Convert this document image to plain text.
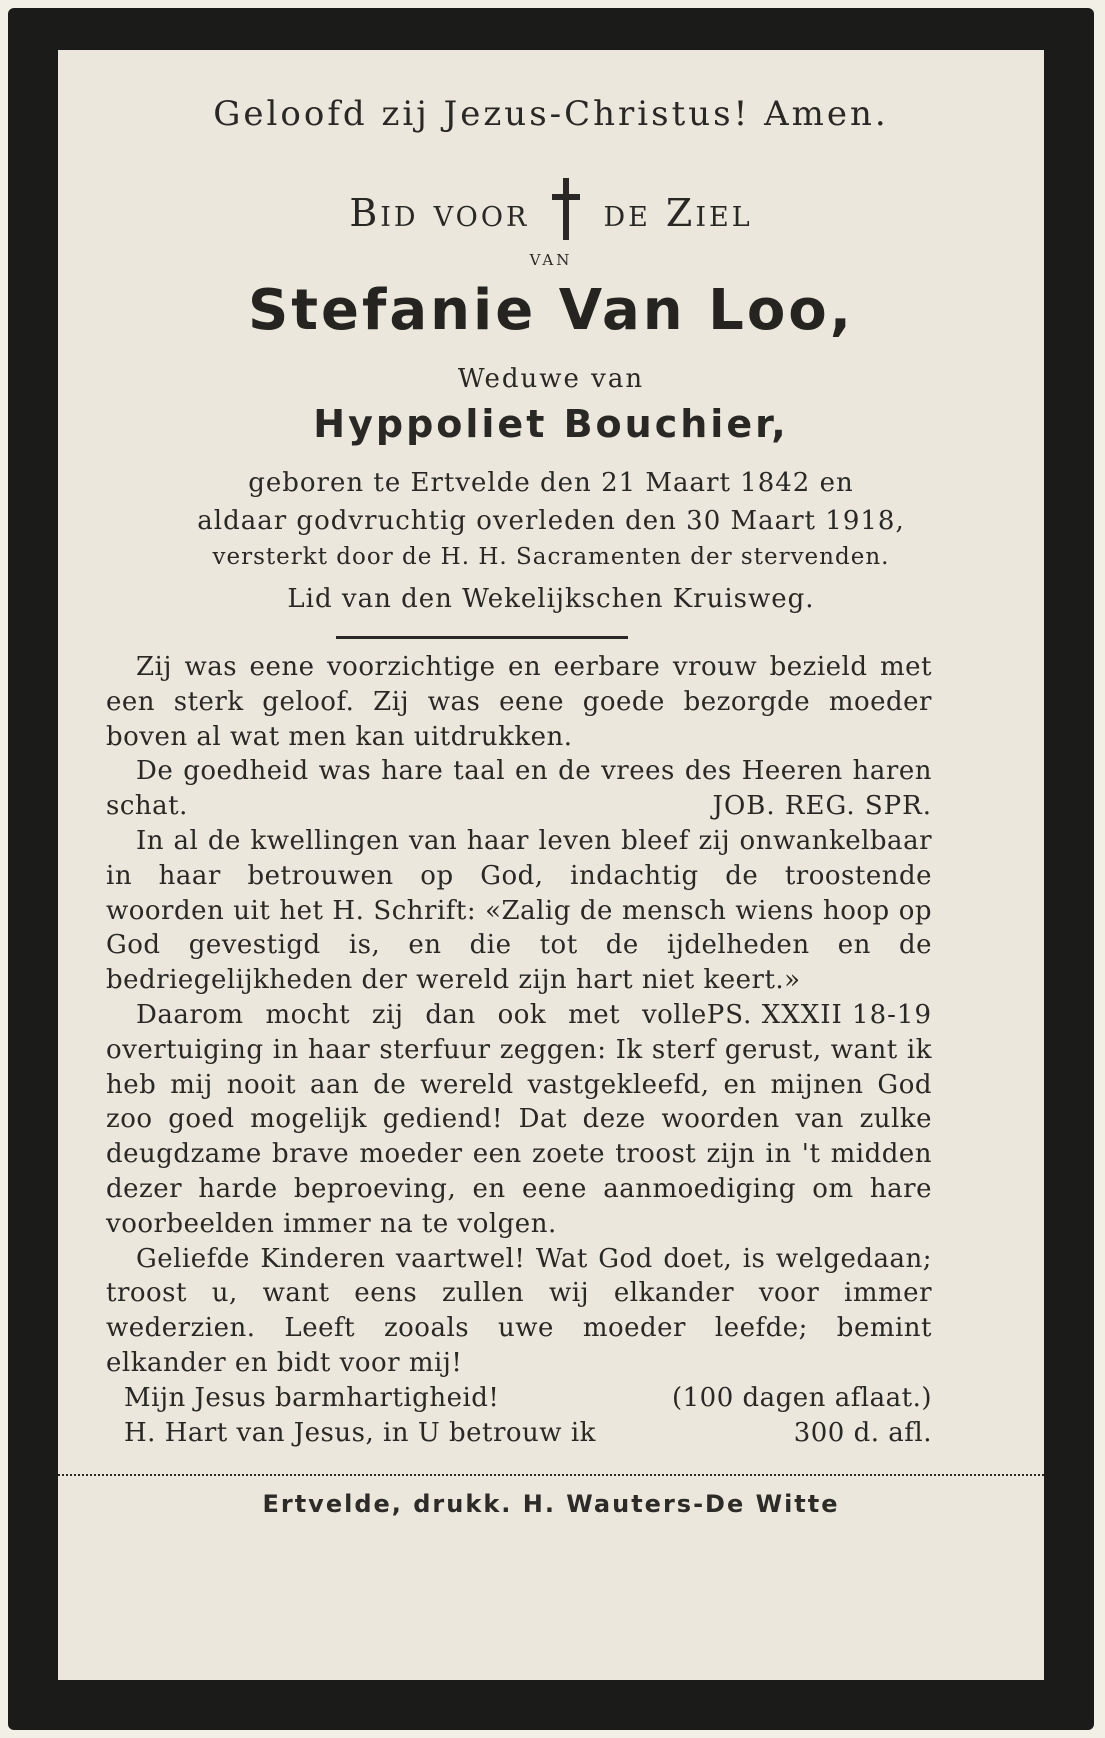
Geloofd zij Jezus-Christus! Amen.
Bid voor de Ziel
van
Stefanie Van Loo,
Weduwe van
Hyppoliet Bouchier,
geboren te Ertvelde den 21 Maart 1842 en
aldaar godvruchtig overleden den 30 Maart 1918,
versterkt door de H. H. Sacramenten der stervenden.
Lid van den Wekelijkschen Kruisweg.

Zij was eene voorzichtige en eerbare vrouw bezield met een sterk geloof. Zij was eene goede bezorgde moeder boven al wat men kan uitdrukken.

De goedheid was hare taal en de vrees des Heeren haren schat.	JOB. REG. SPR.

In al de kwellingen van haar leven bleef zij onwankelbaar in haar betrouwen op God, indachtig de troostende woorden uit het H. Schrift: «Zalig de mensch wiens hoop op God gevestigd is, en die tot de ijdelheden en de bedriegelijkheden der wereld zijn hart niet keert.»
PS. XXXII 18-19

Daarom mocht zij dan ook met volle overtuiging in haar sterfuur zeggen: Ik sterf gerust, want ik heb mij nooit aan de wereld vastgekleefd, en mijnen God zoo goed mogelijk gediend! Dat deze woorden van zulke deugdzame brave moeder een zoete troost zijn in 't midden dezer harde beproeving, en eene aanmoediging om hare voorbeelden immer na te volgen.

Geliefde Kinderen vaartwel! Wat God doet, is welgedaan; troost u, want eens zullen wij elkander voor immer wederzien. Leeft zooals uwe moeder leefde; bemint elkander en bidt voor mij!

Mijn Jesus barmhartigheid!	(100 dagen aflaat.)

H. Hart van Jesus, in U betrouw ik	300 d. afl.

Ertvelde, drukk. H. Wauters-De Witte
